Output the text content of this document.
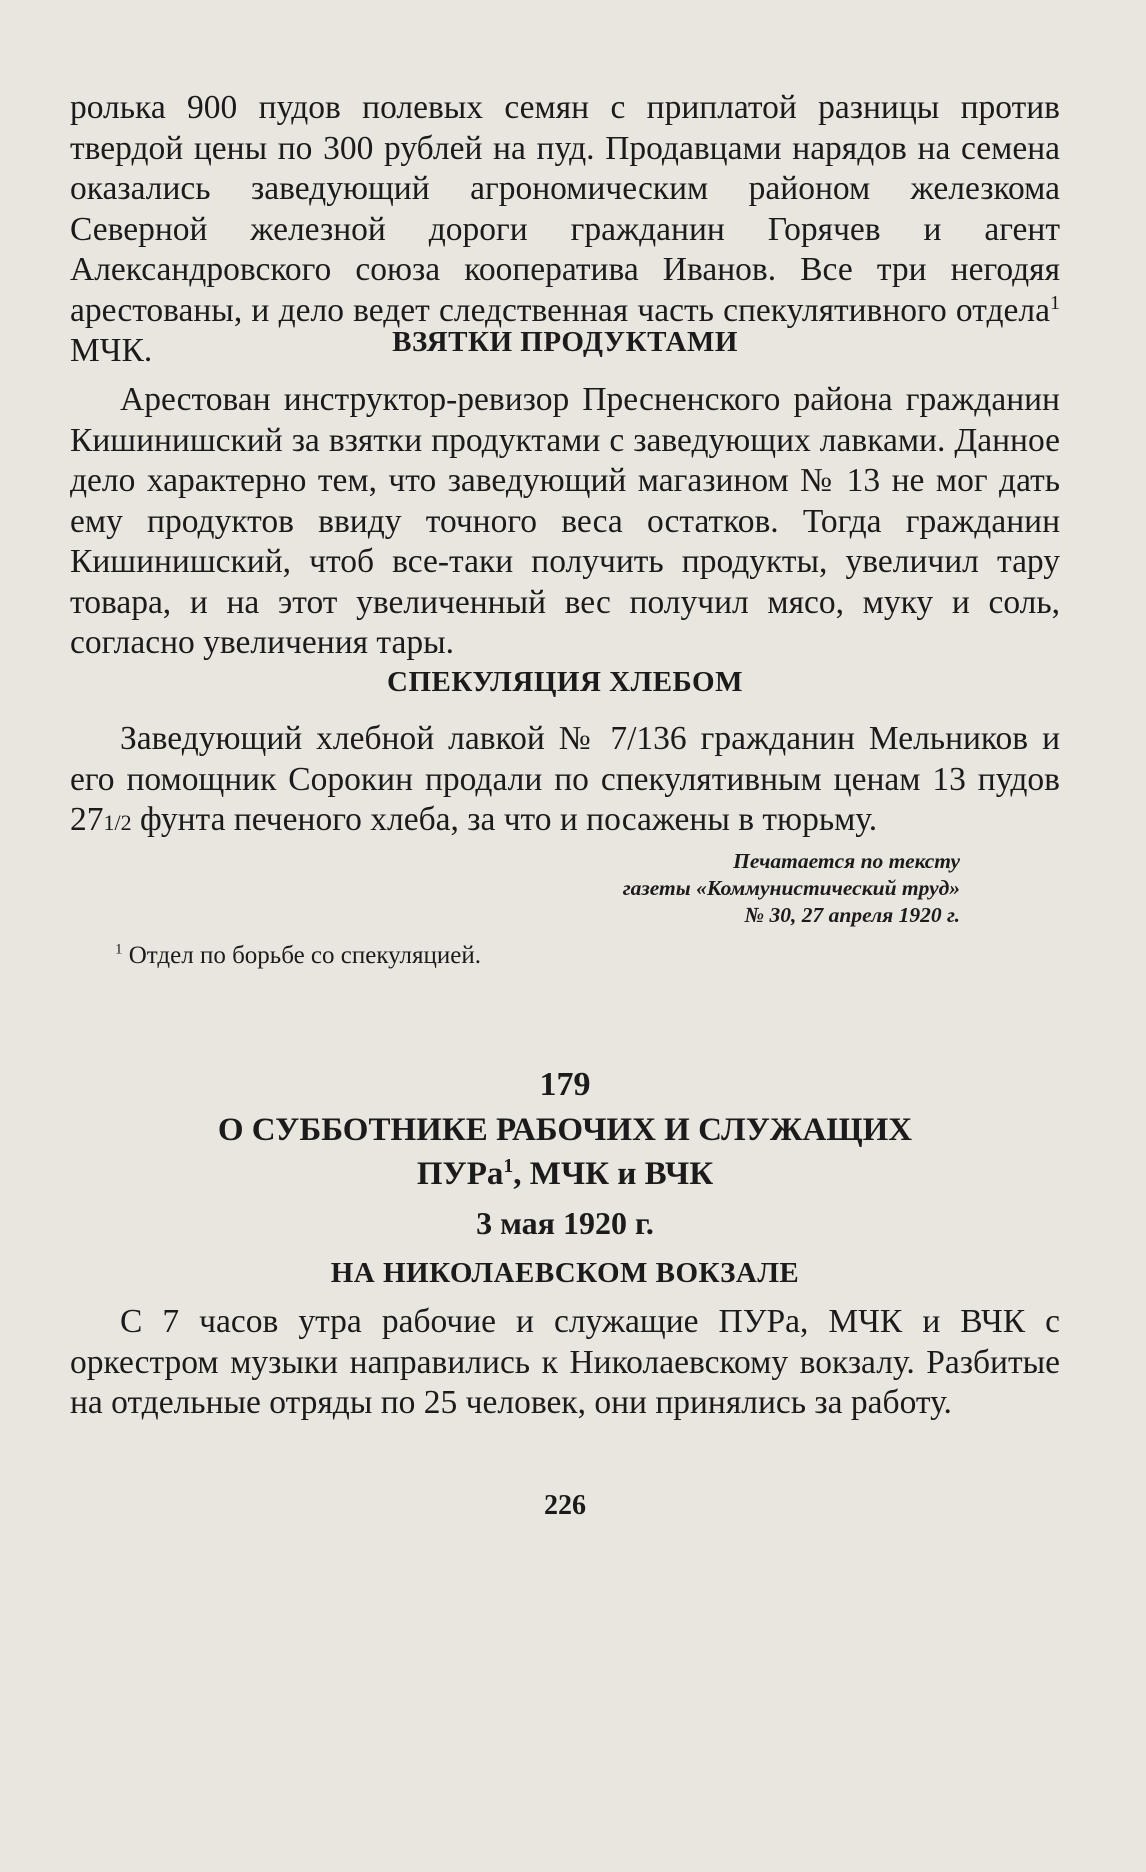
ролька 900 пудов полевых семян с приплатой разницы против твердой цены по 300 рублей на пуд. Продавцами нарядов на семена оказались заведующий агрономическим районом железкома Северной железной дороги гражданин Горячев и агент Александровского союза кооператива Иванов. Все три негодяя арестованы, и дело ведет следственная часть спекулятивного отдела$^1$ МЧК.	ВЗЯТКИ ПРОДУКТАМИ

Арестован инструктор-ревизор Пресненского района гражданин Кишинишский за взятки продуктами с заведующих лавками. Данное дело характерно тем, что заведующий магазином № 13 не мог дать ему продуктов ввиду точного веса остатков. Тогда гражданин Кишинишский, чтоб все-таки получить продукты, увеличил тару товара, и на этот увеличенный вес получил мясо, муку и соль, согласно увеличения тары.

СПЕКУЛЯЦИЯ ХЛЕБОМ

Заведующий хлебной лавкой № 7/136 гражданин Мельников и его помощник Сорокин продали по спекулятивным ценам 13 пудов 271/2 фунта печеного хлеба, за что и посажены в тюрьму.

Печатается по тексту
газеты «Коммунистический труд»
№ 30, 27 апреля 1920 г.
$^1$ Отдел по борьбе со спекуляцией.
179
О СУББОТНИКЕ РАБОЧИХ И СЛУЖАЩИХ
ПУРа$^1$, МЧК и ВЧК
3 мая 1920 г.
НА НИКОЛАЕВСКОМ ВОКЗАЛЕ

С 7 часов утра рабочие и служащие ПУРа, МЧК и ВЧК с оркестром музыки направились к Николаевскому вокзалу. Разбитые на отдельные отряды по 25 человек, они принялись за работу.

226
